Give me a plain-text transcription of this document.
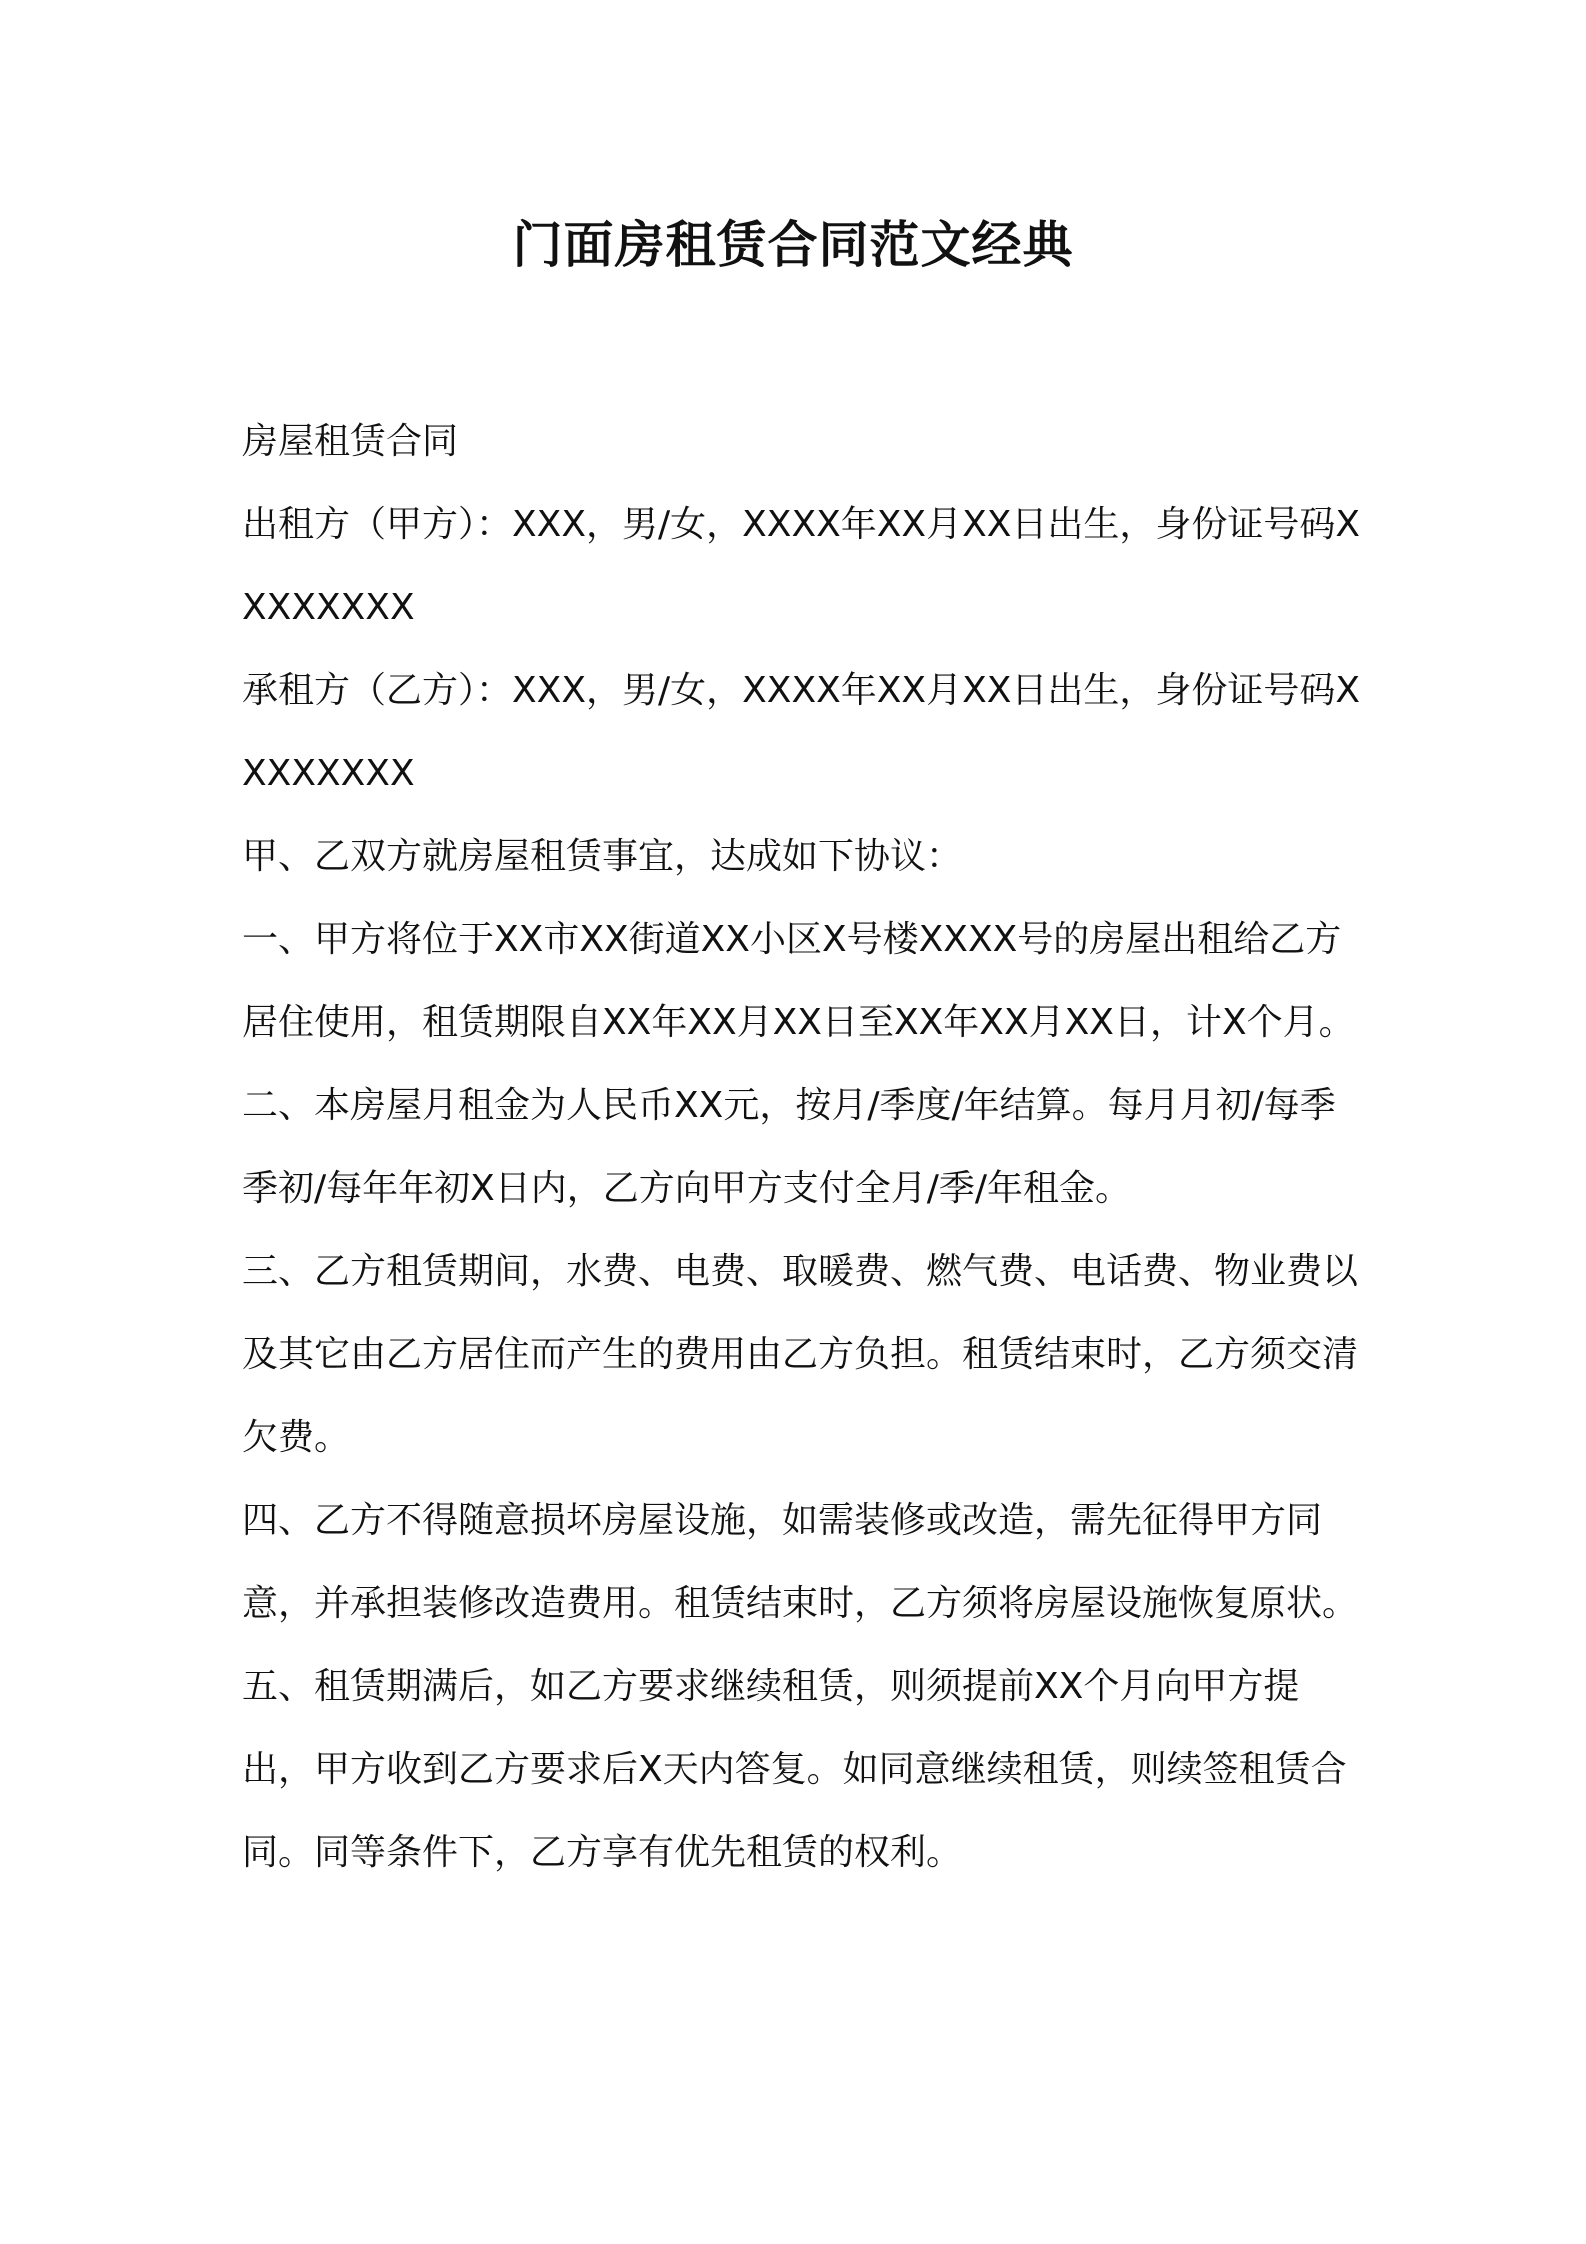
门面房租赁合同范文经典

房屋租赁合同

出租方（甲方）：XXX，男/女，XXXX年XX月XX日出生，身份证号码XXXXXXXX

承租方（乙方）：XXX，男/女，XXXX年XX月XX日出生，身份证号码XXXXXXXX

甲、乙双方就房屋租赁事宜，达成如下协议：

一、甲方将位于XX市XX街道XX小区X号楼XXXX号的房屋出租给乙方居住使用，租赁期限自XX年XX月XX日至XX年XX月XX日，计X个月。

二、本房屋月租金为人民币XX元，按月/季度/年结算。每月月初/每季季初/每年年初X日内，乙方向甲方支付全月/季/年租金。

三、乙方租赁期间，水费、电费、取暖费、燃气费、电话费、物业费以及其它由乙方居住而产生的费用由乙方负担。租赁结束时，乙方须交清欠费。

四、乙方不得随意损坏房屋设施，如需装修或改造，需先征得甲方同意，并承担装修改造费用。租赁结束时，乙方须将房屋设施恢复原状。

五、租赁期满后，如乙方要求继续租赁，则须提前XX个月向甲方提出，甲方收到乙方要求后X天内答复。如同意继续租赁，则续签租赁合同。同等条件下，乙方享有优先租赁的权利。
